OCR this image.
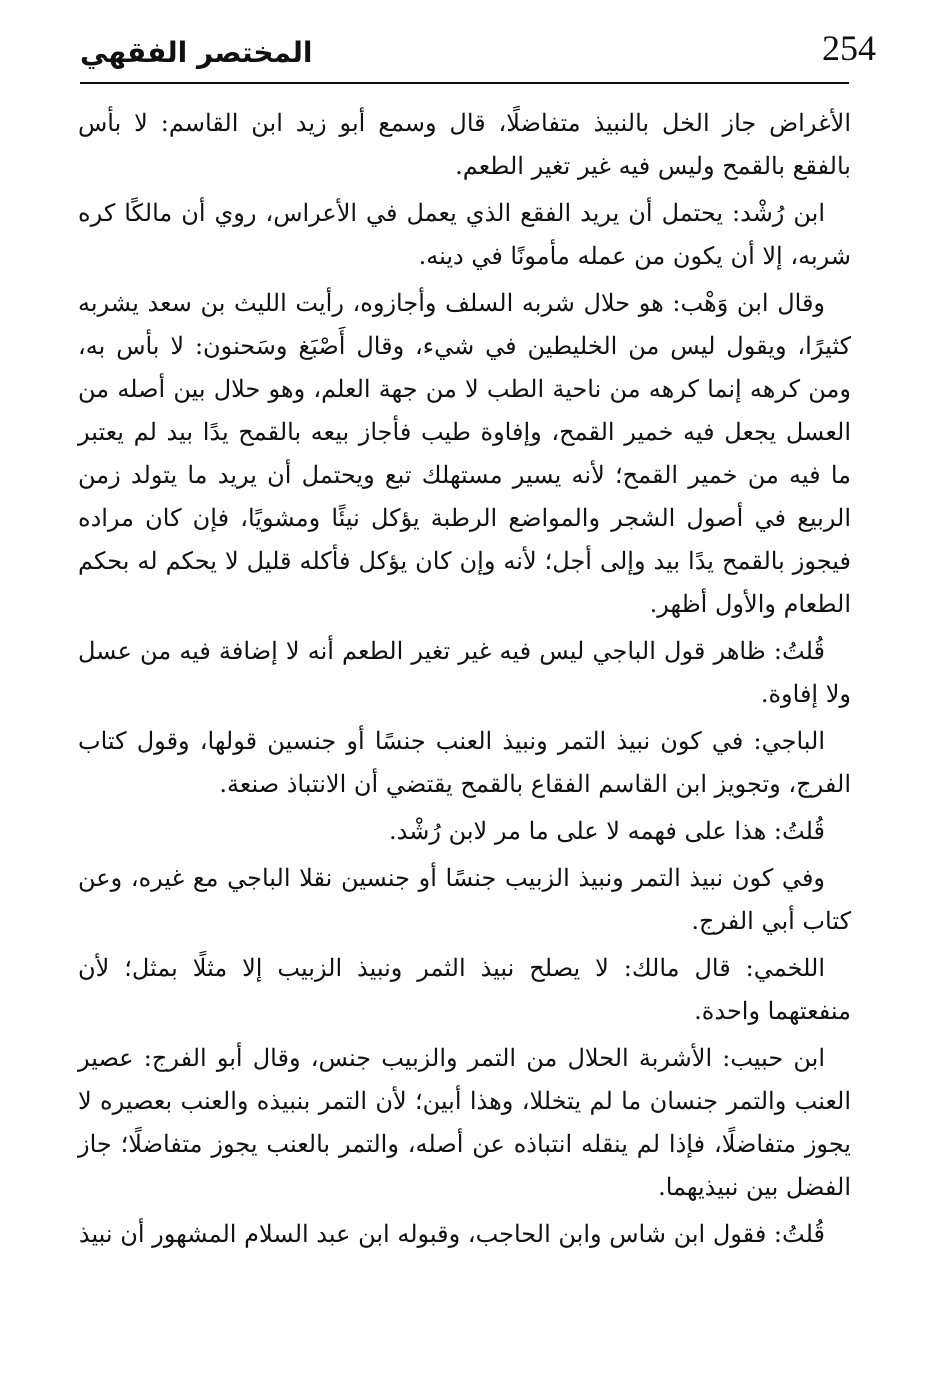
المختصر الفقهي	254

الأغراض جاز الخل بالنبيذ متفاضلًا، قال وسمع أبو زيد ابن القاسم: لا بأس بالفقع بالقمح وليس فيه غير تغير الطعم.

ابن رُشْد: يحتمل أن يريد الفقع الذي يعمل في الأعراس، روي أن مالكًا كره شربه، إلا أن يكون من عمله مأمونًا في دينه.

وقال ابن وَهْب: هو حلال شربه السلف وأجازوه، رأيت الليث بن سعد يشربه كثيرًا، ويقول ليس من الخليطين في شيء، وقال أَصْبَغ وسَحنون: لا بأس به، ومن كرهه إنما كرهه من ناحية الطب لا من جهة العلم، وهو حلال بين أصله من العسل يجعل فيه خمير القمح، وإفاوة طيب فأجاز بيعه بالقمح يدًا بيد لم يعتبر ما فيه من خمير القمح؛ لأنه يسير مستهلك تبع ويحتمل أن يريد ما يتولد زمن الربيع في أصول الشجر والمواضع الرطبة يؤكل نيئًا ومشويًا، فإن كان مراده فيجوز بالقمح يدًا بيد وإلى أجل؛ لأنه وإن كان يؤكل فأكله قليل لا يحكم له بحكم الطعام والأول أظهر.

قُلتُ: ظاهر قول الباجي ليس فيه غير تغير الطعم أنه لا إضافة فيه من عسل ولا إفاوة.

الباجي: في كون نبيذ التمر ونبيذ العنب جنسًا أو جنسين قولها، وقول كتاب الفرج، وتجويز ابن القاسم الفقاع بالقمح يقتضي أن الانتباذ صنعة.

قُلتُ: هذا على فهمه لا على ما مر لابن رُشْد.

وفي كون نبيذ التمر ونبيذ الزبيب جنسًا أو جنسين نقلا الباجي مع غيره، وعن كتاب أبي الفرج.

اللخمي: قال مالك: لا يصلح نبيذ الثمر ونبيذ الزبيب إلا مثلًا بمثل؛ لأن منفعتهما واحدة.

ابن حبيب: الأشربة الحلال من التمر والزبيب جنس، وقال أبو الفرج: عصير العنب والتمر جنسان ما لم يتخللا، وهذا أبين؛ لأن التمر بنبيذه والعنب بعصيره لا يجوز متفاضلًا، فإذا لم ينقله انتباذه عن أصله، والتمر بالعنب يجوز متفاضلًا؛ جاز الفضل بين نبيذيهما.

قُلتُ: فقول ابن شاس وابن الحاجب، وقبوله ابن عبد السلام المشهور أن نبيذ
